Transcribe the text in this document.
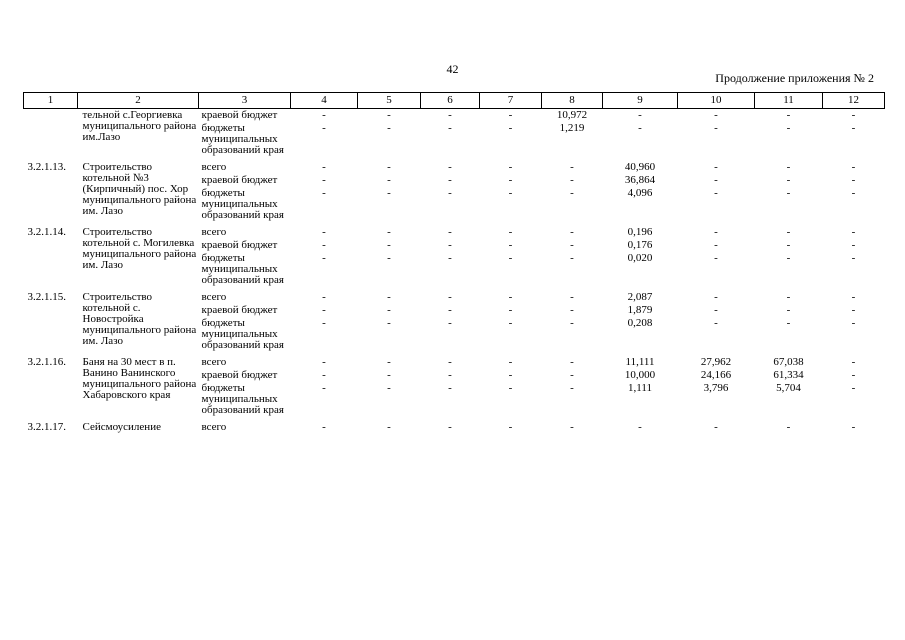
42
Продолжение приложения № 2
1	2	3	4	5	6	7	8	9	10	11	12
	тельной с.Георгиевка муниципального района им.Лазо	краевой бюджет	-	-	-	-	10,972	-	-	-	-
		бюджеты муниципальных образований края	-	-	-	-	1,219	-	-	-	-
3.2.1.13.	Строительство котельной №3 (Кирпичный) пос. Хор муниципального района им. Лазо	всего	-	-	-	-	-	40,960	-	-	-
		краевой бюджет	-	-	-	-	-	36,864	-	-	-
		бюджеты муниципальных образований края	-	-	-	-	-	4,096	-	-	-
3.2.1.14.	Строительство котельной с. Могилевка муниципального района им. Лазо	всего	-	-	-	-	-	0,196	-	-	-
		краевой бюджет	-	-	-	-	-	0,176	-	-	-
		бюджеты муниципальных образований края	-	-	-	-	-	0,020	-	-	-
3.2.1.15.	Строительство котельной с. Новостройка муниципального района им. Лазо	всего	-	-	-	-	-	2,087	-	-	-
		краевой бюджет	-	-	-	-	-	1,879	-	-	-
		бюджеты муниципальных образований края	-	-	-	-	-	0,208	-	-	-
3.2.1.16.	Баня на 30 мест в п. Ванино Ванинского муниципального района Хабаровского края	всего	-	-	-	-	-	11,111	27,962	67,038	-
		краевой бюджет	-	-	-	-	-	10,000	24,166	61,334	-
		бюджеты муниципальных образований края	-	-	-	-	-	1,111	3,796	5,704	-
3.2.1.17.	Сейсмоусиление	всего	-	-	-	-	-	-	-	-	-
